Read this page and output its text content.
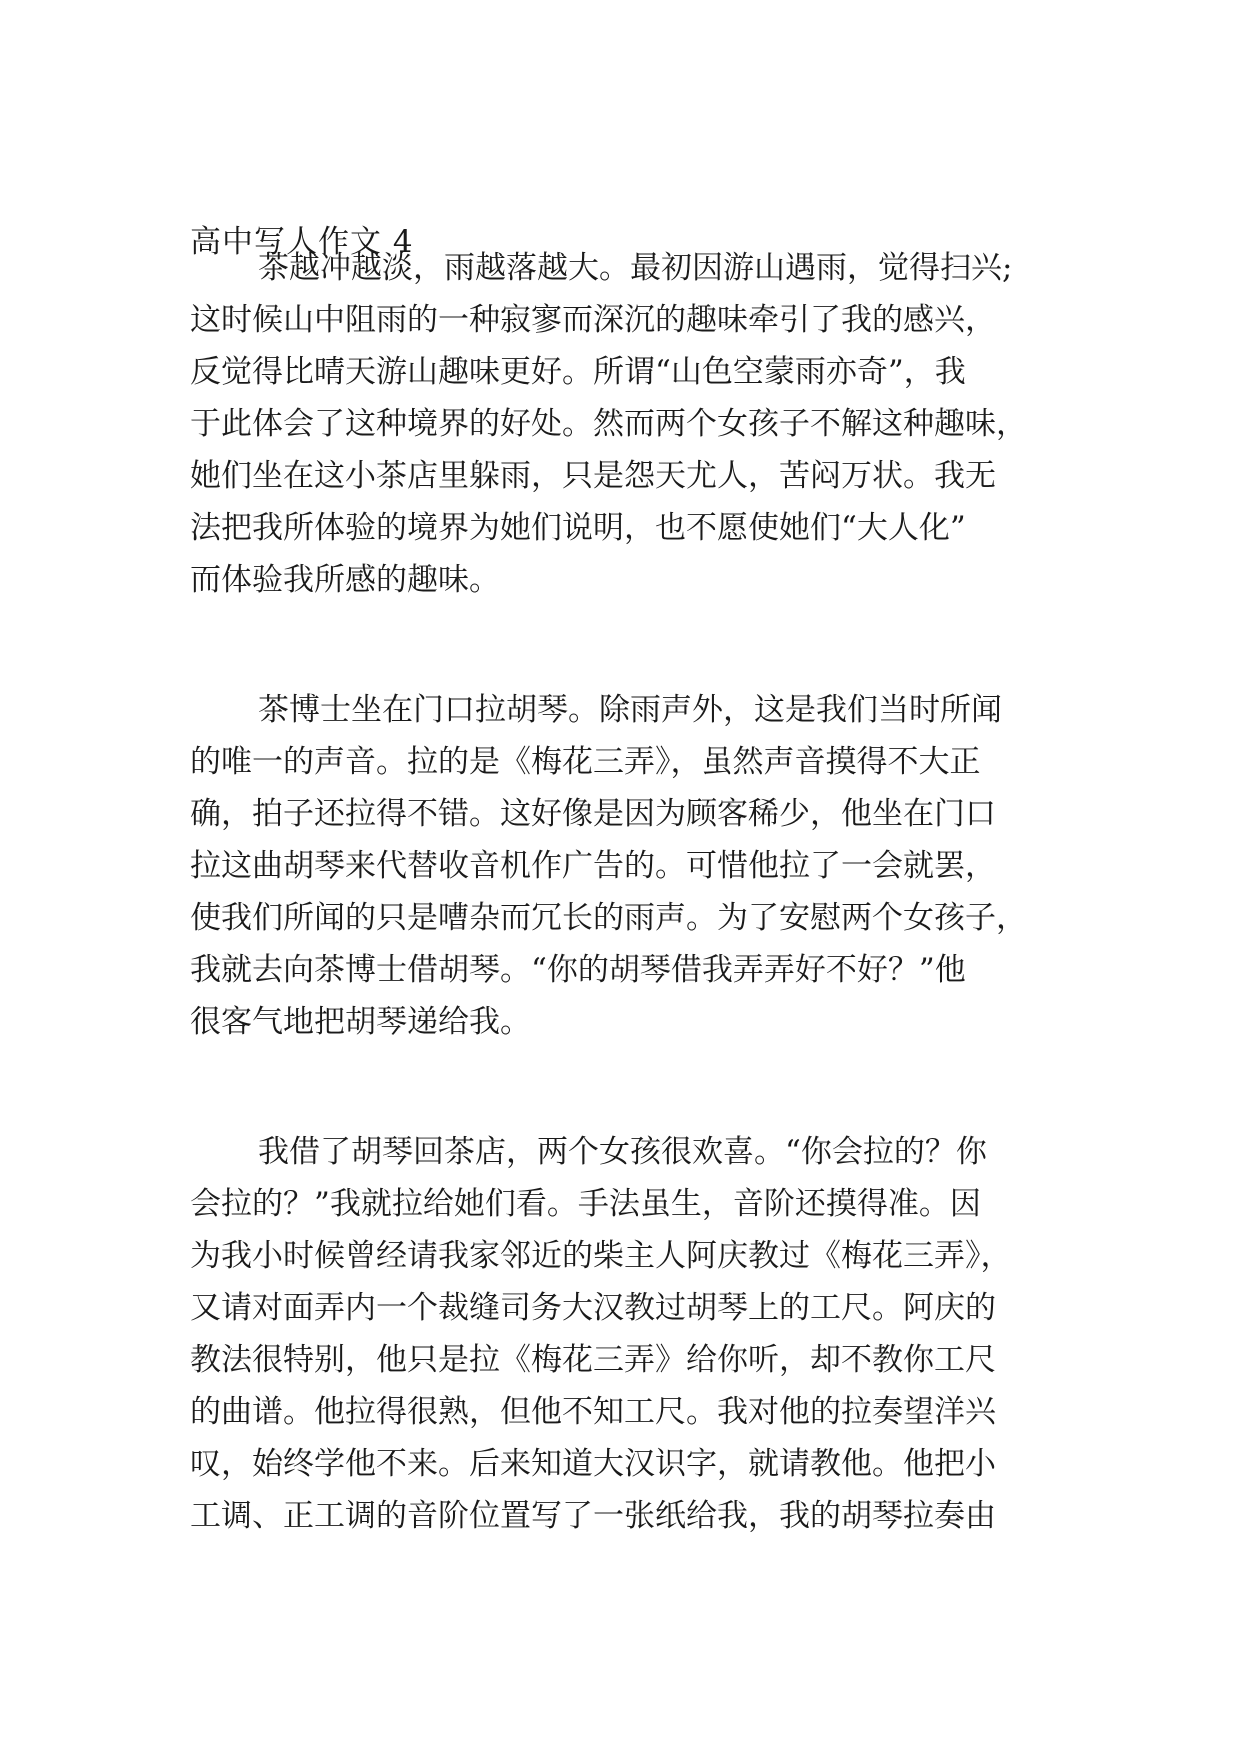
高中写人作文 4
茶越冲越淡，雨越落越大。最初因游山遇雨，觉得扫兴;
这时候山中阻雨的一种寂寥而深沉的趣味牵引了我的感兴，
反觉得比晴天游山趣味更好。所谓“山色空蒙雨亦奇”，我
于此体会了这种境界的好处。然而两个女孩子不解这种趣味，
她们坐在这小茶店里躲雨，只是怨天尤人，苦闷万状。我无
法把我所体验的境界为她们说明，也不愿使她们“大人化”
而体验我所感的趣味。
茶博士坐在门口拉胡琴。除雨声外，这是我们当时所闻
的唯一的声音。拉的是《梅花三弄》，虽然声音摸得不大正
确，拍子还拉得不错。这好像是因为顾客稀少，他坐在门口
拉这曲胡琴来代替收音机作广告的。可惜他拉了一会就罢，
使我们所闻的只是嘈杂而冗长的雨声。为了安慰两个女孩子，
我就去向茶博士借胡琴。“你的胡琴借我弄弄好不好？”他
很客气地把胡琴递给我。
我借了胡琴回茶店，两个女孩很欢喜。“你会拉的？你
会拉的？”我就拉给她们看。手法虽生，音阶还摸得准。因
为我小时候曾经请我家邻近的柴主人阿庆教过《梅花三弄》，
又请对面弄内一个裁缝司务大汉教过胡琴上的工尺。阿庆的
教法很特别，他只是拉《梅花三弄》给你听，却不教你工尺
的曲谱。他拉得很熟，但他不知工尺。我对他的拉奏望洋兴
叹，始终学他不来。后来知道大汉识字，就请教他。他把小
工调、正工调的音阶位置写了一张纸给我，我的胡琴拉奏由
